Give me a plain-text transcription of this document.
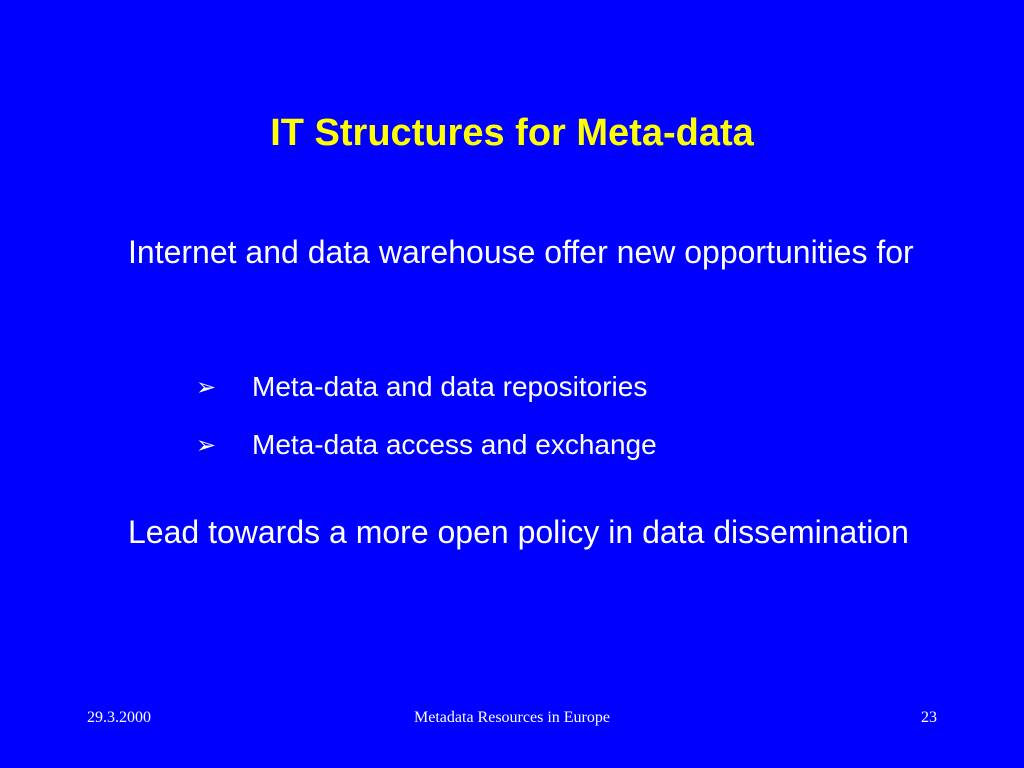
IT Structures for Meta-data

Internet and data warehouse offer new opportunities for

➢	Meta-data and data repositories
➢	Meta-data access and exchange

Lead towards a more open policy in data dissemination

29.3.2000	Metadata Resources in Europe	23
